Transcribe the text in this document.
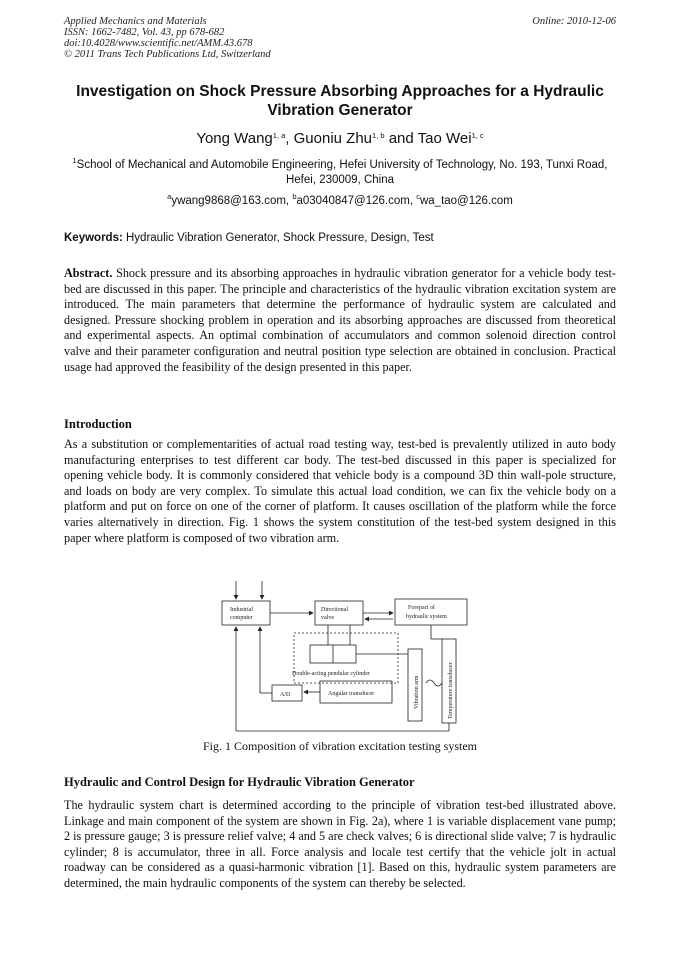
Applied Mechanics and Materials
ISSN: 1662-7482, Vol. 43, pp 678-682
doi:10.4028/www.scientific.net/AMM.43.678
© 2011 Trans Tech Publications Ltd, Switzerland
Online: 2010-12-06
Investigation on Shock Pressure Absorbing Approaches for a Hydraulic Vibration Generator
Yong Wang$^{1, a}$, Guoniu Zhu$^{1, b}$ and Tao Wei$^{1, c}$
$^1$School of Mechanical and Automobile Engineering, Hefei University of Technology, No. 193, Tunxi Road, Hefei, 230009, China
$^a$ywang9868@163.com, $^b$a03040847@126.com, $^c$wa_tao@126.com
Keywords: Hydraulic Vibration Generator, Shock Pressure, Design, Test
Abstract. Shock pressure and its absorbing approaches in hydraulic vibration generator for a vehicle body test-bed are discussed in this paper. The principle and characteristics of the hydraulic vibration excitation system are introduced. The main parameters that determine the performance of hydraulic system are calculated and designed. Pressure shocking problem in operation and its absorbing approaches are discussed from theoretical and experimental aspects. An optimal combination of accumulators and common solenoid direction control valve and their parameter configuration and neutral position type selection are obtained in conclusion. Practical usage had approved the feasibility of the design presented in this paper.
Introduction
As a substitution or complementarities of actual road testing way, test-bed is prevalently utilized in auto body manufacturing enterprises to test different car body. The test-bed discussed in this paper is specialized for opening vehicle body. It is commonly considered that vehicle body is a compound 3D thin wall-pole structure, and loads on body are very complex. To simulate this actual load condition, we can fix the vehicle body on a platform and put on force on one of the corner of platform. It causes oscillation of the platform while the force varies alternatively in direction. Fig. 1 shows the system constitution of the test-bed system designed in this paper where platform is composed of two vibration arm.
Industrial
computer
Directional
valve
Forepart of
hydraulic system
Double-acting pendular cylinder
A/D	Angular transducer	Vibration arm	Temperature transducer
Fig. 1 Composition of vibration excitation testing system
Hydraulic and Control Design for Hydraulic Vibration Generator
The hydraulic system chart is determined according to the principle of vibration test-bed illustrated above. Linkage and main component of the system are shown in Fig. 2a), where 1 is variable displacement vane pump; 2 is pressure gauge; 3 is pressure relief valve; 4 and 5 are check valves; 6 is directional slide valve; 7 is hydraulic cylinder; 8 is accumulator, three in all. Force analysis and locale test certify that the vehicle jolt in actual roadway can be considered as a quasi-harmonic vibration [1]. Based on this, hydraulic system parameters are determined, the main hydraulic components of the system can thereby be selected.
